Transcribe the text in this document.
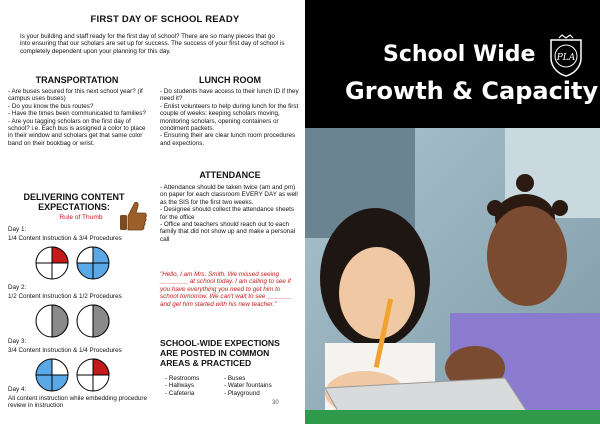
FIRST DAY OF SCHOOL READY
Is your building and staff ready for the first day of school? There are so many pieces that go into ensuring that our scholars are set up for success. The success of your first day of school is completely dependent upon your planning for this day.
TRANSPORTATION
- Are buses secured for this next school year? (if campus uses buses)
- Do you know the bus routes?
- Have the times been communicated to families?
- Are you tagging scholars on the first day of school? i.e. Each bus is assigned a color to place in their window and scholars get that same color band on their bookbag or wrist.
LUNCH ROOM
- Do students have access to their lunch ID if they need it?
- Enlist volunteers to help during lunch for the first couple of weeks: keeping scholars moving, monitoring scholars, opening containers or condiment packets.
- Ensuring their are clear lunch room procedures and expections.
DELIVERING CONTENT
EXPECTATIONS:
Rule of Thumb
Day 1:
1/4 Content Instruction & 3/4 Procedures
Day 2:
1/2 Content Instruction & 1/2 Procedures
Day 3:
3/4 Content Instruction & 1/4 Procedures
Day 4:
All content instruction while embedding procedure review in instruction
ATTENDANCE
- Attendance should be taken twice (am and pm) on paper for each classroom EVERY DAY as well as the SIS for the first two weeks.
- Designee should collect the attendance sheets for the office
- Office and teachers should reach out to each family that did not show up and make a personal call
"Hello, I am Mrs. Smith. We missed seeing ________ at school today. I am calling to see if you have everything you need to get him to school tomorrow. We can't wait to see _______ and get him started with his new teacher."
SCHOOL-WIDE EXPECTIONS
ARE POSTED IN COMMON
AREAS & PRACTICED
- Restrooms
- Hallways
- Cafeteria
- Buses
- Water fountains
- Playground
30
School Wide
Growth & Capacity
PLA
